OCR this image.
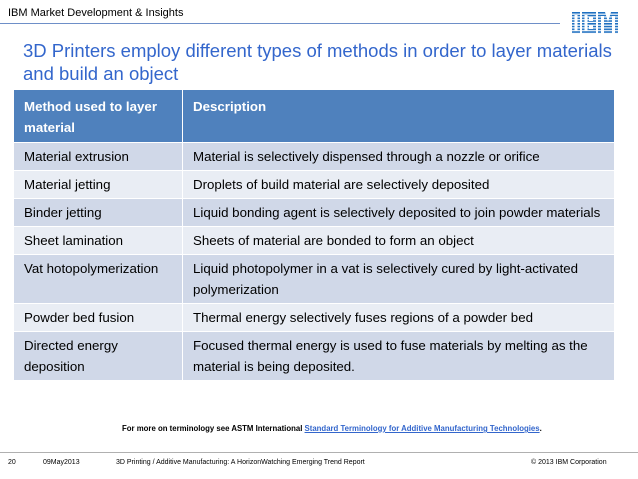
IBM Market Development & Insights
3D Printers employ different types of methods in order to layer materials and build an object
Method used to layer material	Description
Material extrusion	Material is selectively dispensed through a nozzle or orifice
Material jetting	Droplets of build material are selectively deposited
Binder jetting	Liquid bonding agent is selectively deposited to join powder materials
Sheet lamination	Sheets of material are bonded to form an object
Vat hotopolymerization	Liquid photopolymer in a vat is selectively cured by light-activated polymerization
Powder bed fusion	Thermal energy selectively fuses regions of a powder bed
Directed energy deposition	Focused thermal energy is used to fuse materials by melting as the material is being deposited.
For more on terminology see ASTM International Standard Terminology for Additive Manufacturing Technologies.
20	09May2013	3D Printing / Additive Manufacturing: A HorizonWatching Emerging Trend Report	© 2013 IBM Corporation
